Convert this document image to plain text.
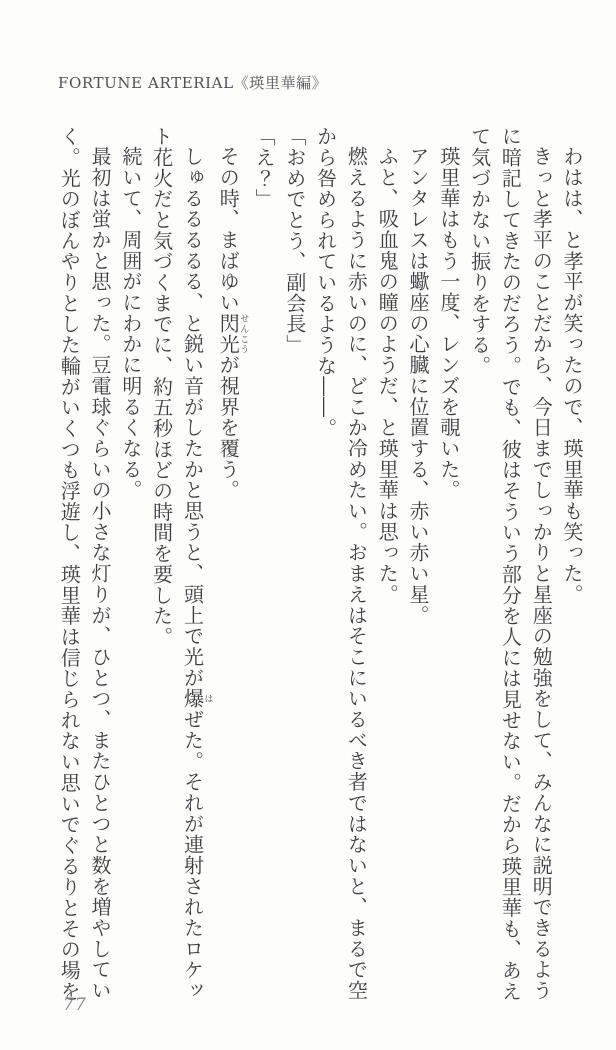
FORTUNE ARTERIAL《瑛里華編》

わはは、と孝平が笑ったので、瑛里華も笑った。

きっと孝平のことだから、今日までしっかりと星座の勉強をして、みんなに説明できるように暗記してきたのだろう。でも、彼はそういう部分を人には見せない。だから瑛里華も、あえて気づかない振りをする。

瑛里華はもう一度、レンズを覗いた。

アンタレスは蠍座の心臓に位置する、赤い赤い星。

ふと、吸血鬼の瞳のようだ、と瑛里華は思った。

燃えるように赤いのに、どこか冷めたい。おまえはそこにいるべき者ではないと、まるで空から咎められているような――。

「おめでとう、副会長」

「え？」

その時、まばゆい閃光せんこうが視界を覆う。

しゅるるるるる、と鋭い音がしたかと思うと、頭上で光が爆はぜた。それが連射されたロケット花火だと気づくまでに、約五秒ほどの時間を要した。

続いて、周囲がにわかに明るくなる。

最初は蛍かと思った。豆電球ぐらいの小さな灯りが、ひとつ、またひとつと数を増やしていく。光のぼんやりとした輪がいくつも浮遊し、瑛里華は信じられない思いでぐるりとその場を

77
